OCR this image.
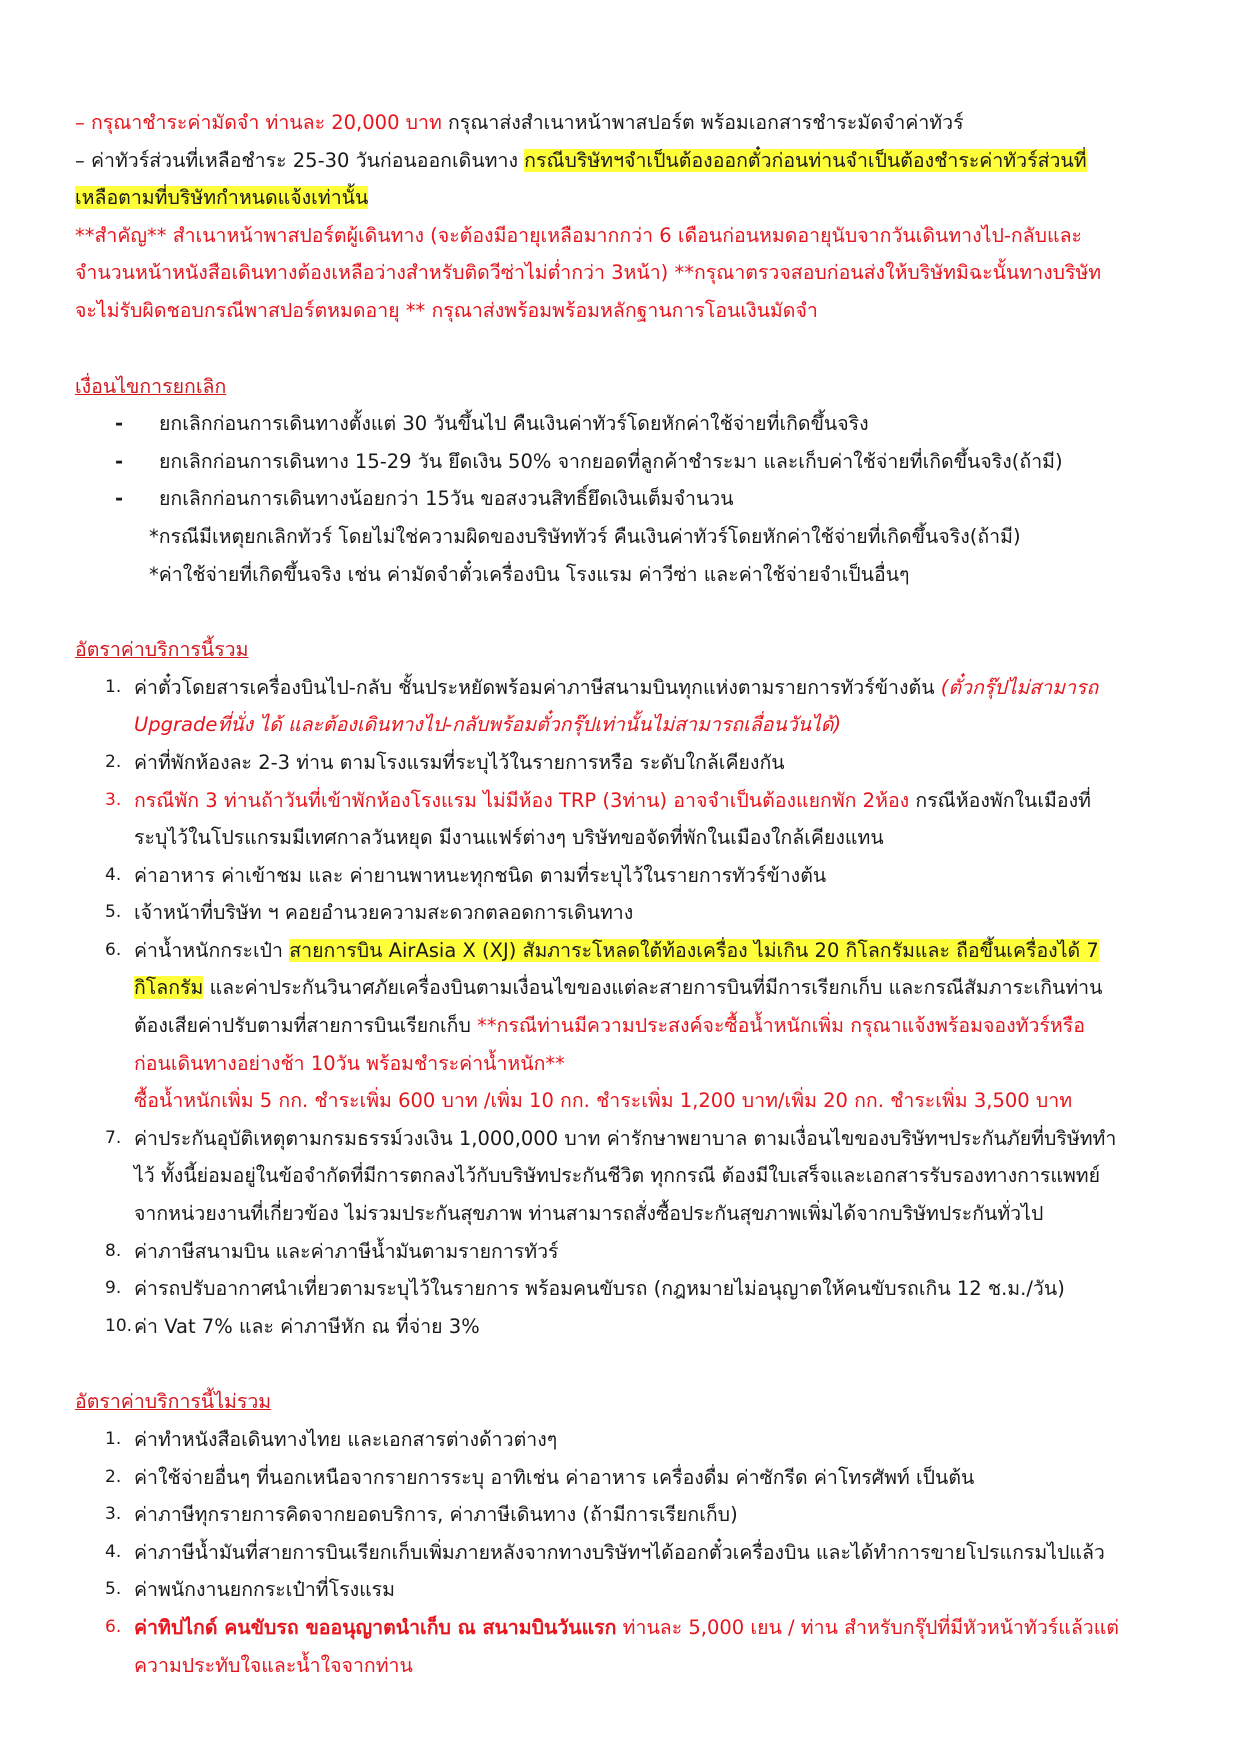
– กรุณาชำระค่ามัดจำ ท่านละ 20,000 บาท กรุณาส่งสำเนาหน้าพาสปอร์ต พร้อมเอกสารชำระมัดจำค่าทัวร์

– ค่าทัวร์ส่วนที่เหลือชำระ 25-30 วันก่อนออกเดินทาง กรณีบริษัทฯจำเป็นต้องออกตั๋วก่อนท่านจำเป็นต้องชำระค่าทัวร์ส่วนที่

เหลือตามที่บริษัทกำหนดแจ้งเท่านั้น

**สำคัญ** สำเนาหน้าพาสปอร์ตผู้เดินทาง (จะต้องมีอายุเหลือมากกว่า 6 เดือนก่อนหมดอายุนับจากวันเดินทางไป-กลับและ

จำนวนหน้าหนังสือเดินทางต้องเหลือว่างสำหรับติดวีซ่าไม่ต่ำกว่า 3หน้า) **กรุณาตรวจสอบก่อนส่งให้บริษัทมิฉะนั้นทางบริษัท

จะไม่รับผิดชอบกรณีพาสปอร์ตหมดอายุ ** กรุณาส่งพร้อมพร้อมหลักฐานการโอนเงินมัดจำ

เงื่อนไขการยกเลิก

-	ยกเลิกก่อนการเดินทางตั้งแต่ 30 วันขึ้นไป คืนเงินค่าทัวร์โดยหักค่าใช้จ่ายที่เกิดขึ้นจริง
-	ยกเลิกก่อนการเดินทาง 15-29 วัน ยึดเงิน 50% จากยอดที่ลูกค้าชำระมา และเก็บค่าใช้จ่ายที่เกิดขึ้นจริง(ถ้ามี)
-	ยกเลิกก่อนการเดินทางน้อยกว่า 15วัน ขอสงวนสิทธิ์ยึดเงินเต็มจำนวน

*กรณีมีเหตุยกเลิกทัวร์ โดยไม่ใช่ความผิดของบริษัททัวร์ คืนเงินค่าทัวร์โดยหักค่าใช้จ่ายที่เกิดขึ้นจริง(ถ้ามี)

*ค่าใช้จ่ายที่เกิดขึ้นจริง เช่น ค่ามัดจำตั๋วเครื่องบิน โรงแรม ค่าวีซ่า และค่าใช้จ่ายจำเป็นอื่นๆ

อัตราค่าบริการนี้รวม

1. ค่าตั๋วโดยสารเครื่องบินไป-กลับ ชั้นประหยัดพร้อมค่าภาษีสนามบินทุกแห่งตามรายการทัวร์ข้างต้น (ตั๋วกรุ๊ปไม่สามารถ

Upgradeที่นั่ง ได้ และต้องเดินทางไป-กลับพร้อมตั๋วกรุ๊ปเท่านั้นไม่สามารถเลื่อนวันได้)

2. ค่าที่พักห้องละ 2-3 ท่าน ตามโรงแรมที่ระบุไว้ในรายการหรือ ระดับใกล้เคียงกัน
3. กรณีพัก 3 ท่านถ้าวันที่เข้าพักห้องโรงแรม ไม่มีห้อง TRP (3ท่าน) อาจจำเป็นต้องแยกพัก 2ห้อง กรณีห้องพักในเมืองที่

ระบุไว้ในโปรแกรมมีเทศกาลวันหยุด มีงานแฟร์ต่างๆ บริษัทขอจัดที่พักในเมืองใกล้เคียงแทน

4. ค่าอาหาร ค่าเข้าชม และ ค่ายานพาหนะทุกชนิด ตามที่ระบุไว้ในรายการทัวร์ข้างต้น
5. เจ้าหน้าที่บริษัท ฯ คอยอำนวยความสะดวกตลอดการเดินทาง
6. ค่าน้ำหนักกระเป๋า สายการบิน AirAsia X (XJ) สัมภาระโหลดใต้ท้องเครื่อง ไม่เกิน 20 กิโลกรัมและ ถือขึ้นเครื่องได้ 7

กิโลกรัม และค่าประกันวินาศภัยเครื่องบินตามเงื่อนไขของแต่ละสายการบินที่มีการเรียกเก็บ และกรณีสัมภาระเกินท่าน

ต้องเสียค่าปรับตามที่สายการบินเรียกเก็บ **กรณีท่านมีความประสงค์จะซื้อน้ำหนักเพิ่ม กรุณาแจ้งพร้อมจองทัวร์หรือ

ก่อนเดินทางอย่างช้า 10วัน พร้อมชำระค่าน้ำหนัก**

ซื้อน้ำหนักเพิ่ม 5 กก. ชำระเพิ่ม 600 บาท /เพิ่ม 10 กก. ชำระเพิ่ม 1,200 บาท/เพิ่ม 20 กก. ชำระเพิ่ม 3,500 บาท

7. ค่าประกันอุบัติเหตุตามกรมธรรม์วงเงิน 1,000,000 บาท ค่ารักษาพยาบาล ตามเงื่อนไขของบริษัทฯประกันภัยที่บริษัททำ

ไว้ ทั้งนี้ย่อมอยู่ในข้อจำกัดที่มีการตกลงไว้กับบริษัทประกันชีวิต ทุกกรณี ต้องมีใบเสร็จและเอกสารรับรองทางการแพทย์

จากหน่วยงานที่เกี่ยวข้อง ไม่รวมประกันสุขภาพ ท่านสามารถสั่งซื้อประกันสุขภาพเพิ่มได้จากบริษัทประกันทั่วไป

8. ค่าภาษีสนามบิน และค่าภาษีน้ำมันตามรายการทัวร์
9. ค่ารถปรับอากาศนำเที่ยวตามระบุไว้ในรายการ พร้อมคนขับรถ (กฎหมายไม่อนุญาตให้คนขับรถเกิน 12 ช.ม./วัน)
10. ค่า Vat 7% และ ค่าภาษีหัก ณ ที่จ่าย 3%

อัตราค่าบริการนี้ไม่รวม

1. ค่าทำหนังสือเดินทางไทย และเอกสารต่างด้าวต่างๆ
2. ค่าใช้จ่ายอื่นๆ ที่นอกเหนือจากรายการระบุ อาทิเช่น ค่าอาหาร เครื่องดื่ม ค่าซักรีด ค่าโทรศัพท์ เป็นต้น
3. ค่าภาษีทุกรายการคิดจากยอดบริการ, ค่าภาษีเดินทาง (ถ้ามีการเรียกเก็บ)
4. ค่าภาษีน้ำมันที่สายการบินเรียกเก็บเพิ่มภายหลังจากทางบริษัทฯได้ออกตั๋วเครื่องบิน และได้ทำการขายโปรแกรมไปแล้ว
5. ค่าพนักงานยกกระเป๋าที่โรงแรม
6. ค่าทิปไกด์ คนขับรถ ขออนุญาตนำเก็บ ณ สนามบินวันแรก ท่านละ 5,000 เยน / ท่าน สำหรับกรุ๊ปที่มีหัวหน้าทัวร์แล้วแต่

ความประทับใจและน้ำใจจากท่าน
